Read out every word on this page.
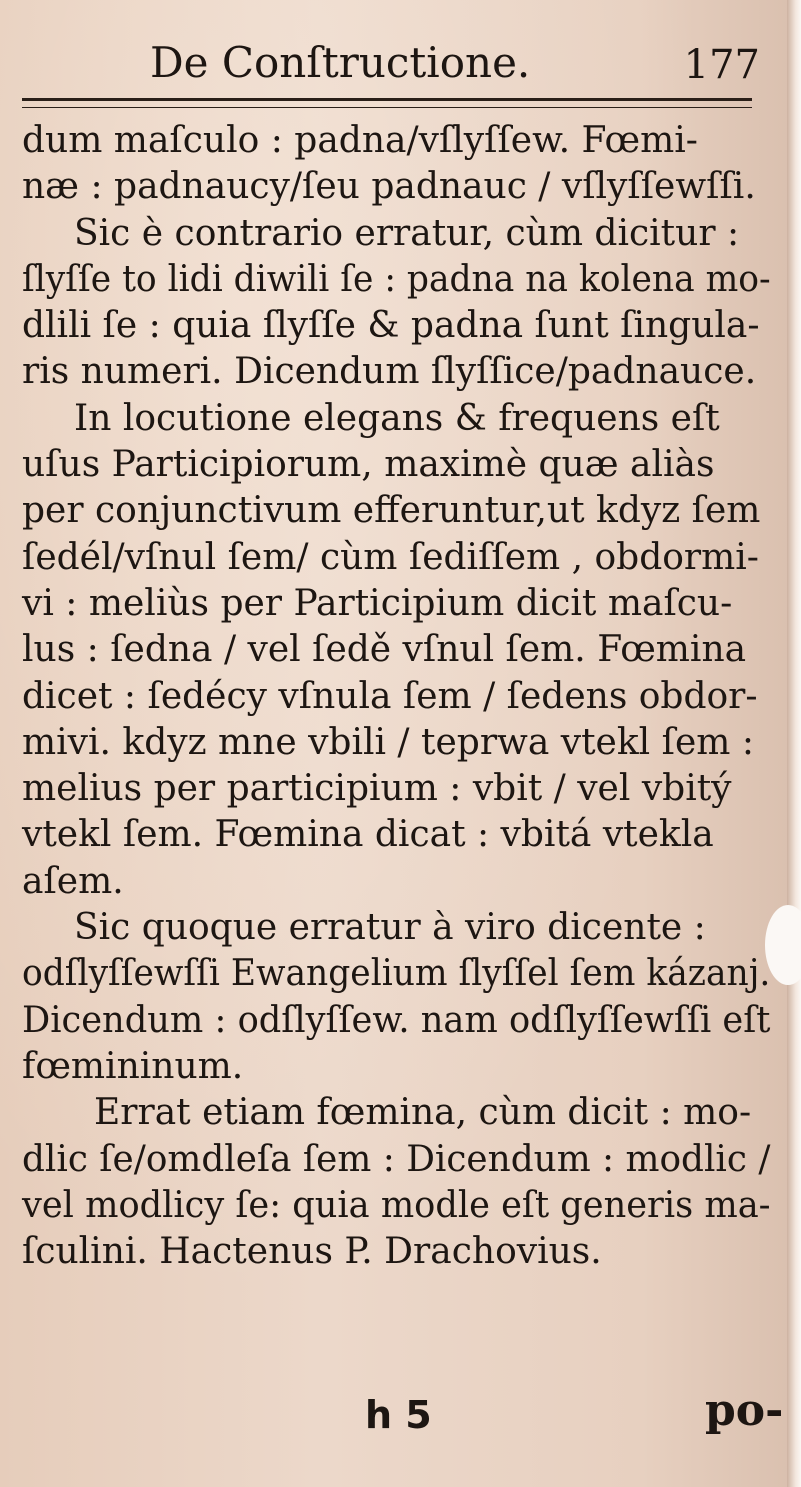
De Conſtructione.	177
dum maſculo : padna/vſlyſſew. Fœmi-
næ : padnaucy/ſeu padnauc / vſlyſſewſſi.
Sic è contrario erratur, cùm dicitur :
ſlyſſe to lidi diwili ſe : padna na kolena mo-
dlili ſe : quia ſlyſſe & padna ſunt ſingula-
ris numeri. Dicendum ſlyſſice/padnauce.
In locutione elegans & frequens eſt
uſus Participiorum, maximè quæ aliàs
per conjunctivum efferuntur,ut kdyz ſem
ſedél/vſnul ſem/ cùm ſediſſem , obdormi-
vi : meliùs per Participium dicit maſcu-
lus : ſedna / vel ſedě vſnul ſem. Fœmina
dicet : ſedécy vſnula ſem / ſedens obdor-
mivi. kdyz mne vbili / teprwa vtekl ſem :
melius per participium : vbit / vel vbitý
vtekl ſem. Fœmina dicat : vbitá vtekla
aſem.
Sic quoque erratur à viro dicente :
odſlyſſewſſi Ewangelium ſlyſſel ſem kázanj.
Dicendum : odſlyſſew. nam odſlyſſewſſi eſt
fœmininum.
Errat etiam fœmina, cùm dicit : mo-
dlic ſe/omdleſa ſem : Dicendum : modlic /
vel modlicy ſe: quia modle eſt generis ma-
ſculini. Hactenus P. Drachovius.
h 5	po-
